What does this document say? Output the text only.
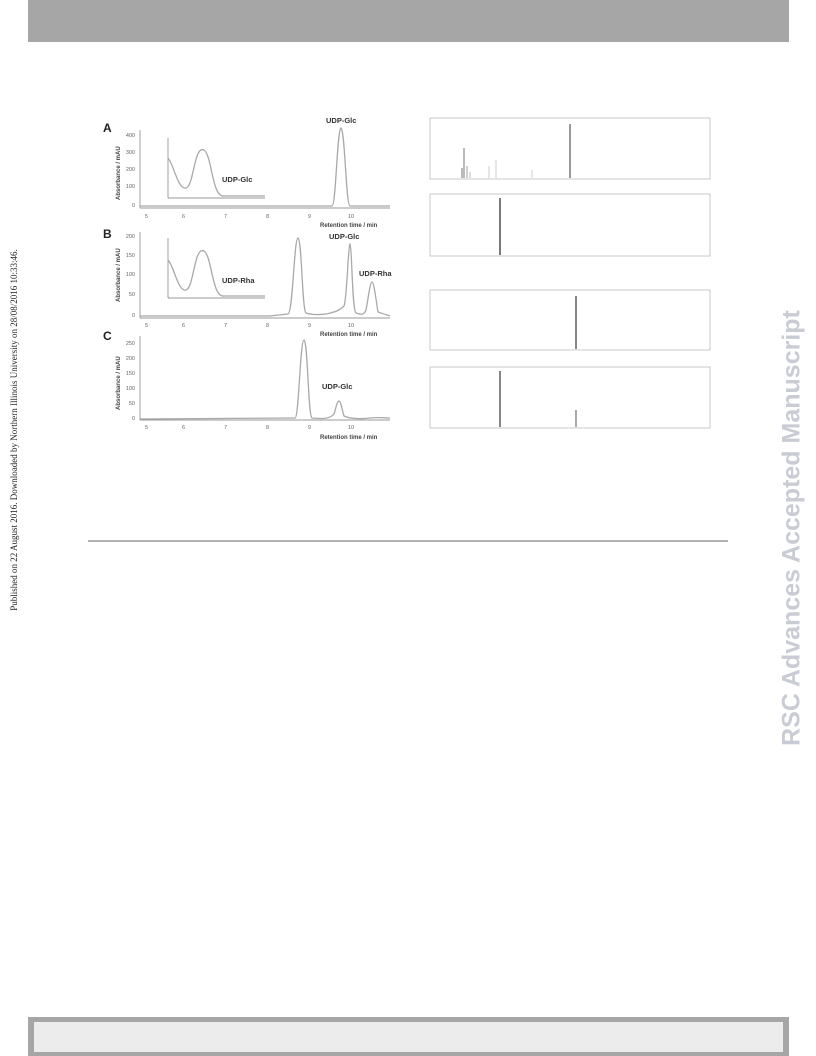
Published on 22 August 2016. Downloaded by Northern Illinois University on 28/08/2016 10:33:46.	RSC Advances Accepted Manuscript
A
Absorbance / mAU
400
300
200
100
0
5	6	7	8	9	10
Retention time / min
UDP-Glc
UDP-Glc
B
Absorbance / mAU
200
150
100
50
0
5	6	7	8	9	10
Retention time / min
UDP-Rha
UDP-Glc
UDP-Rha
C
Absorbance / mAU
250
200
150
100
50
0
5	6	7	8	9	10
Retention time / min
UDP-Glc
